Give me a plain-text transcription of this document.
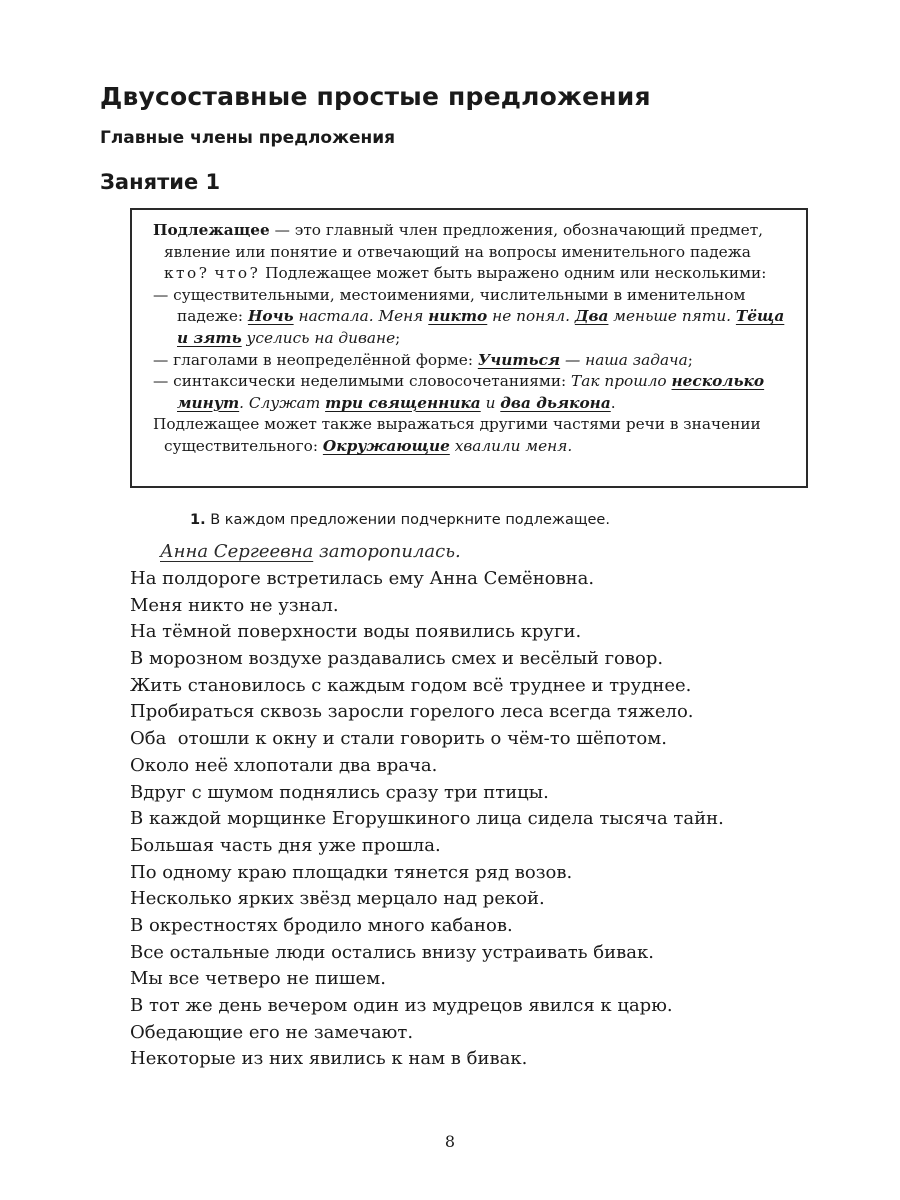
Двусоставные простые предложения
Главные члены предложения
Занятие 1

Подлежащее — это главный член предложения, обозначающий предмет, явление или понятие и отвечающий на вопросы именительного падежа кто? что? Подлежащее может быть выражено одним или несколькими:

— существительными, местоимениями, числительными в именительном падеже: Ночь настала. Меня никто не понял. Два меньше пяти. Тёща и зять уселись на диване;

— глаголами в неопределённой форме: Учиться — наша задача;

— синтаксически неделимыми словосочетаниями: Так прошло несколько минут. Служат три священника и два дьякона.

Подлежащее может также выражаться другими частями речи в значении существительного: Окружающие хвалили меня.

1. В каждом предложении подчеркните подлежащее.

Анна Сергеевна заторопилась.

На полдороге встретилась ему Анна Семёновна.
Меня никто не узнал.
На тёмной поверхности воды появились круги.
В морозном воздухе раздавались смех и весёлый говор.
Жить становилось с каждым годом всё труднее и труднее.
Пробираться сквозь заросли горелого леса всегда тяжело.
Оба  отошли к окну и стали говорить о чём-то шёпотом.
Около неё хлопотали два врача.
Вдруг с шумом поднялись сразу три птицы.
В каждой морщинке Егорушкиного лица сидела тысяча тайн.
Большая часть дня уже прошла.
По одному краю площадки тянется ряд возов.
Несколько ярких звёзд мерцало над рекой.
В окрестностях бродило много кабанов.
Все остальные люди остались внизу устраивать бивак.
Мы все четверо не пишем.
В тот же день вечером один из мудрецов явился к царю.
Обедающие его не замечают.
Некоторые из них явились к нам в бивак.

8
